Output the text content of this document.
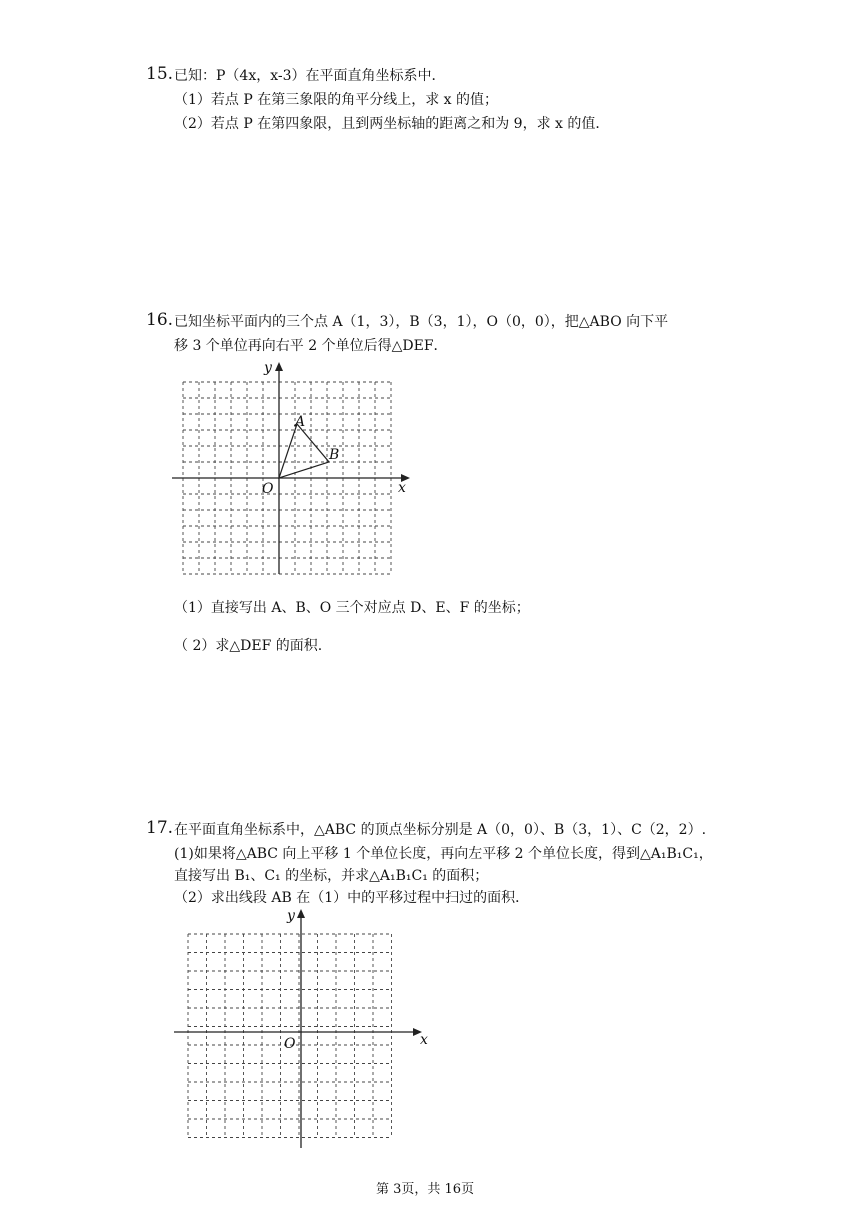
15. 已知：P（4x，x-3）在平面直角坐标系中．
（1）若点 P 在第三象限的角平分线上，求 x 的值；
（2）若点 P 在第四象限，且到两坐标轴的距离之和为 9，求 x 的值．
16. 已知坐标平面内的三个点 A（1，3），B（3，1），O（0，0），把△ABO 向下平
移 3 个单位再向右平 2 个单位后得△DEF．
y
x
O
A
B
（1）直接写出 A、B、O 三个对应点 D、E、F 的坐标；
（ 2）求△DEF 的面积.
17. 在平面直角坐标系中，△ABC 的顶点坐标分别是 A（0，0）、B（3，1）、C（2，2）.
(1)如果将△ABC 向上平移 1 个单位长度，再向左平移 2 个单位长度，得到△A₁B₁C₁，
直接写出 B₁、C₁ 的坐标，并求△A₁B₁C₁ 的面积；
（2）求出线段 AB 在（1）中的平移过程中扫过的面积．
y
x
O
第 3页，共 16页
